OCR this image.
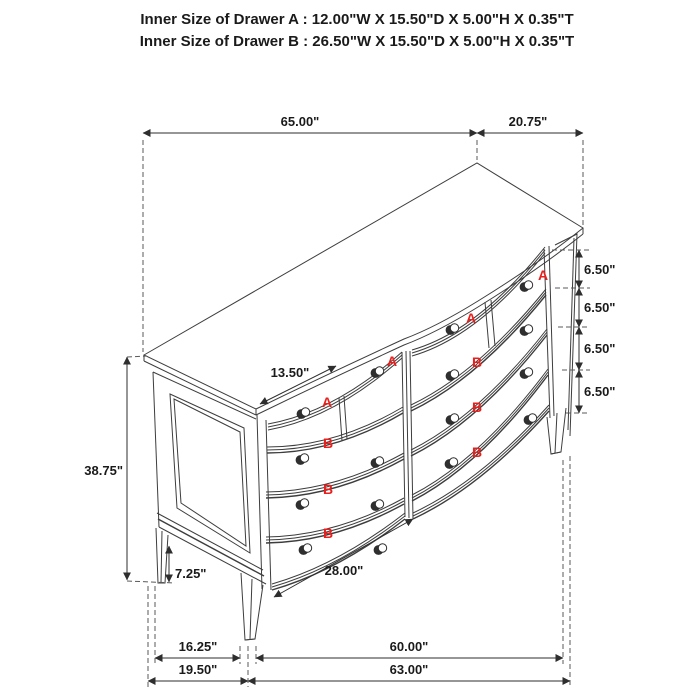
Inner Size of Drawer A : 12.00"W X 15.50"D X 5.00"H X 0.35"T
Inner Size of Drawer B : 26.50"W X 15.50"D X 5.00"H X 0.35"T
A
A
B
B
B
A
A
B
B
B
65.00"	20.75"
6.50"
6.50"
6.50"
6.50"
38.75"
7.25"
13.50"
28.00"
16.25"	60.00"
19.50"	63.00"
